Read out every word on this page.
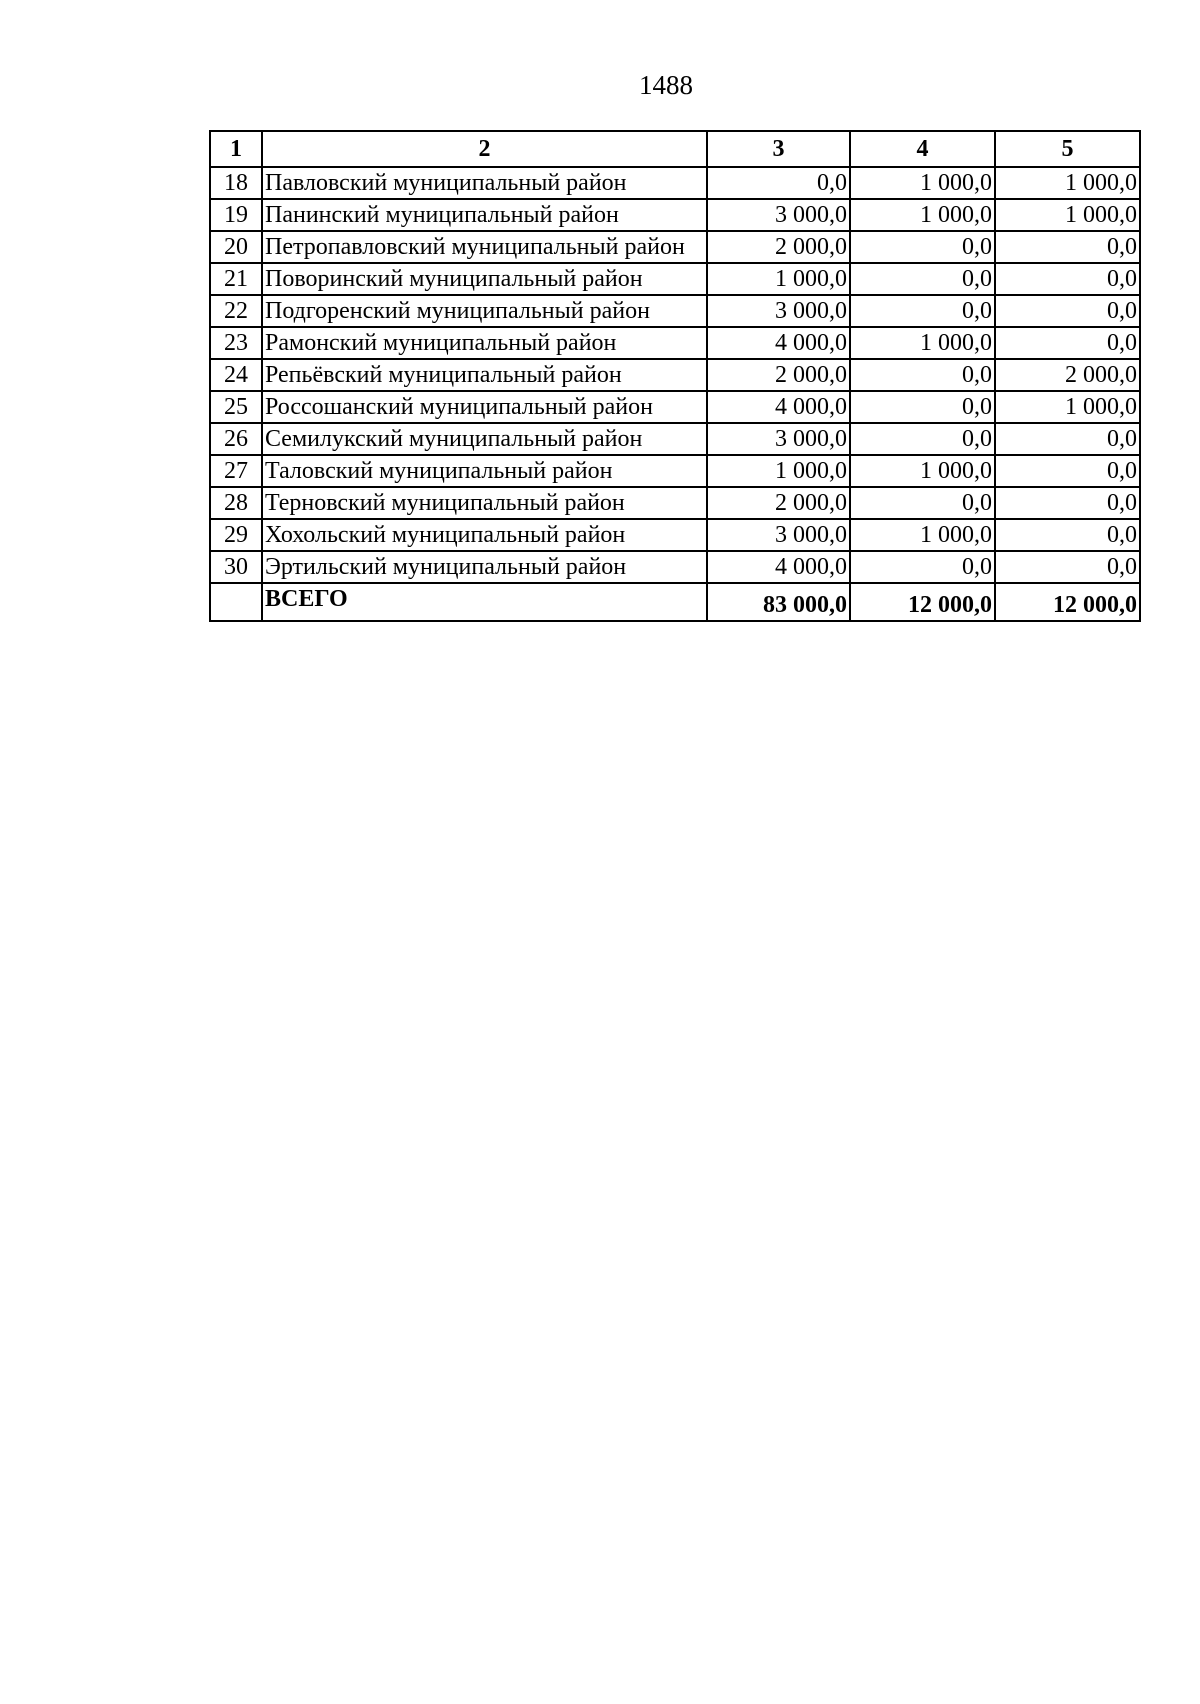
1488
1	2	3	4	5
18	Павловский муниципальный район	0,0	1 000,0	1 000,0
19	Панинский муниципальный район	3 000,0	1 000,0	1 000,0
20	Петропавловский муниципальный район	2 000,0	0,0	0,0
21	Поворинский муниципальный район	1 000,0	0,0	0,0
22	Подгоренский муниципальный район	3 000,0	0,0	0,0
23	Рамонский муниципальный район	4 000,0	1 000,0	0,0
24	Репьёвский муниципальный район	2 000,0	0,0	2 000,0
25	Россошанский муниципальный район	4 000,0	0,0	1 000,0
26	Семилукский муниципальный район	3 000,0	0,0	0,0
27	Таловский муниципальный район	1 000,0	1 000,0	0,0
28	Терновский муниципальный район	2 000,0	0,0	0,0
29	Хохольский муниципальный район	3 000,0	1 000,0	0,0
30	Эртильский муниципальный район	4 000,0	0,0	0,0
	ВСЕГО	83 000,0	12 000,0	12 000,0
